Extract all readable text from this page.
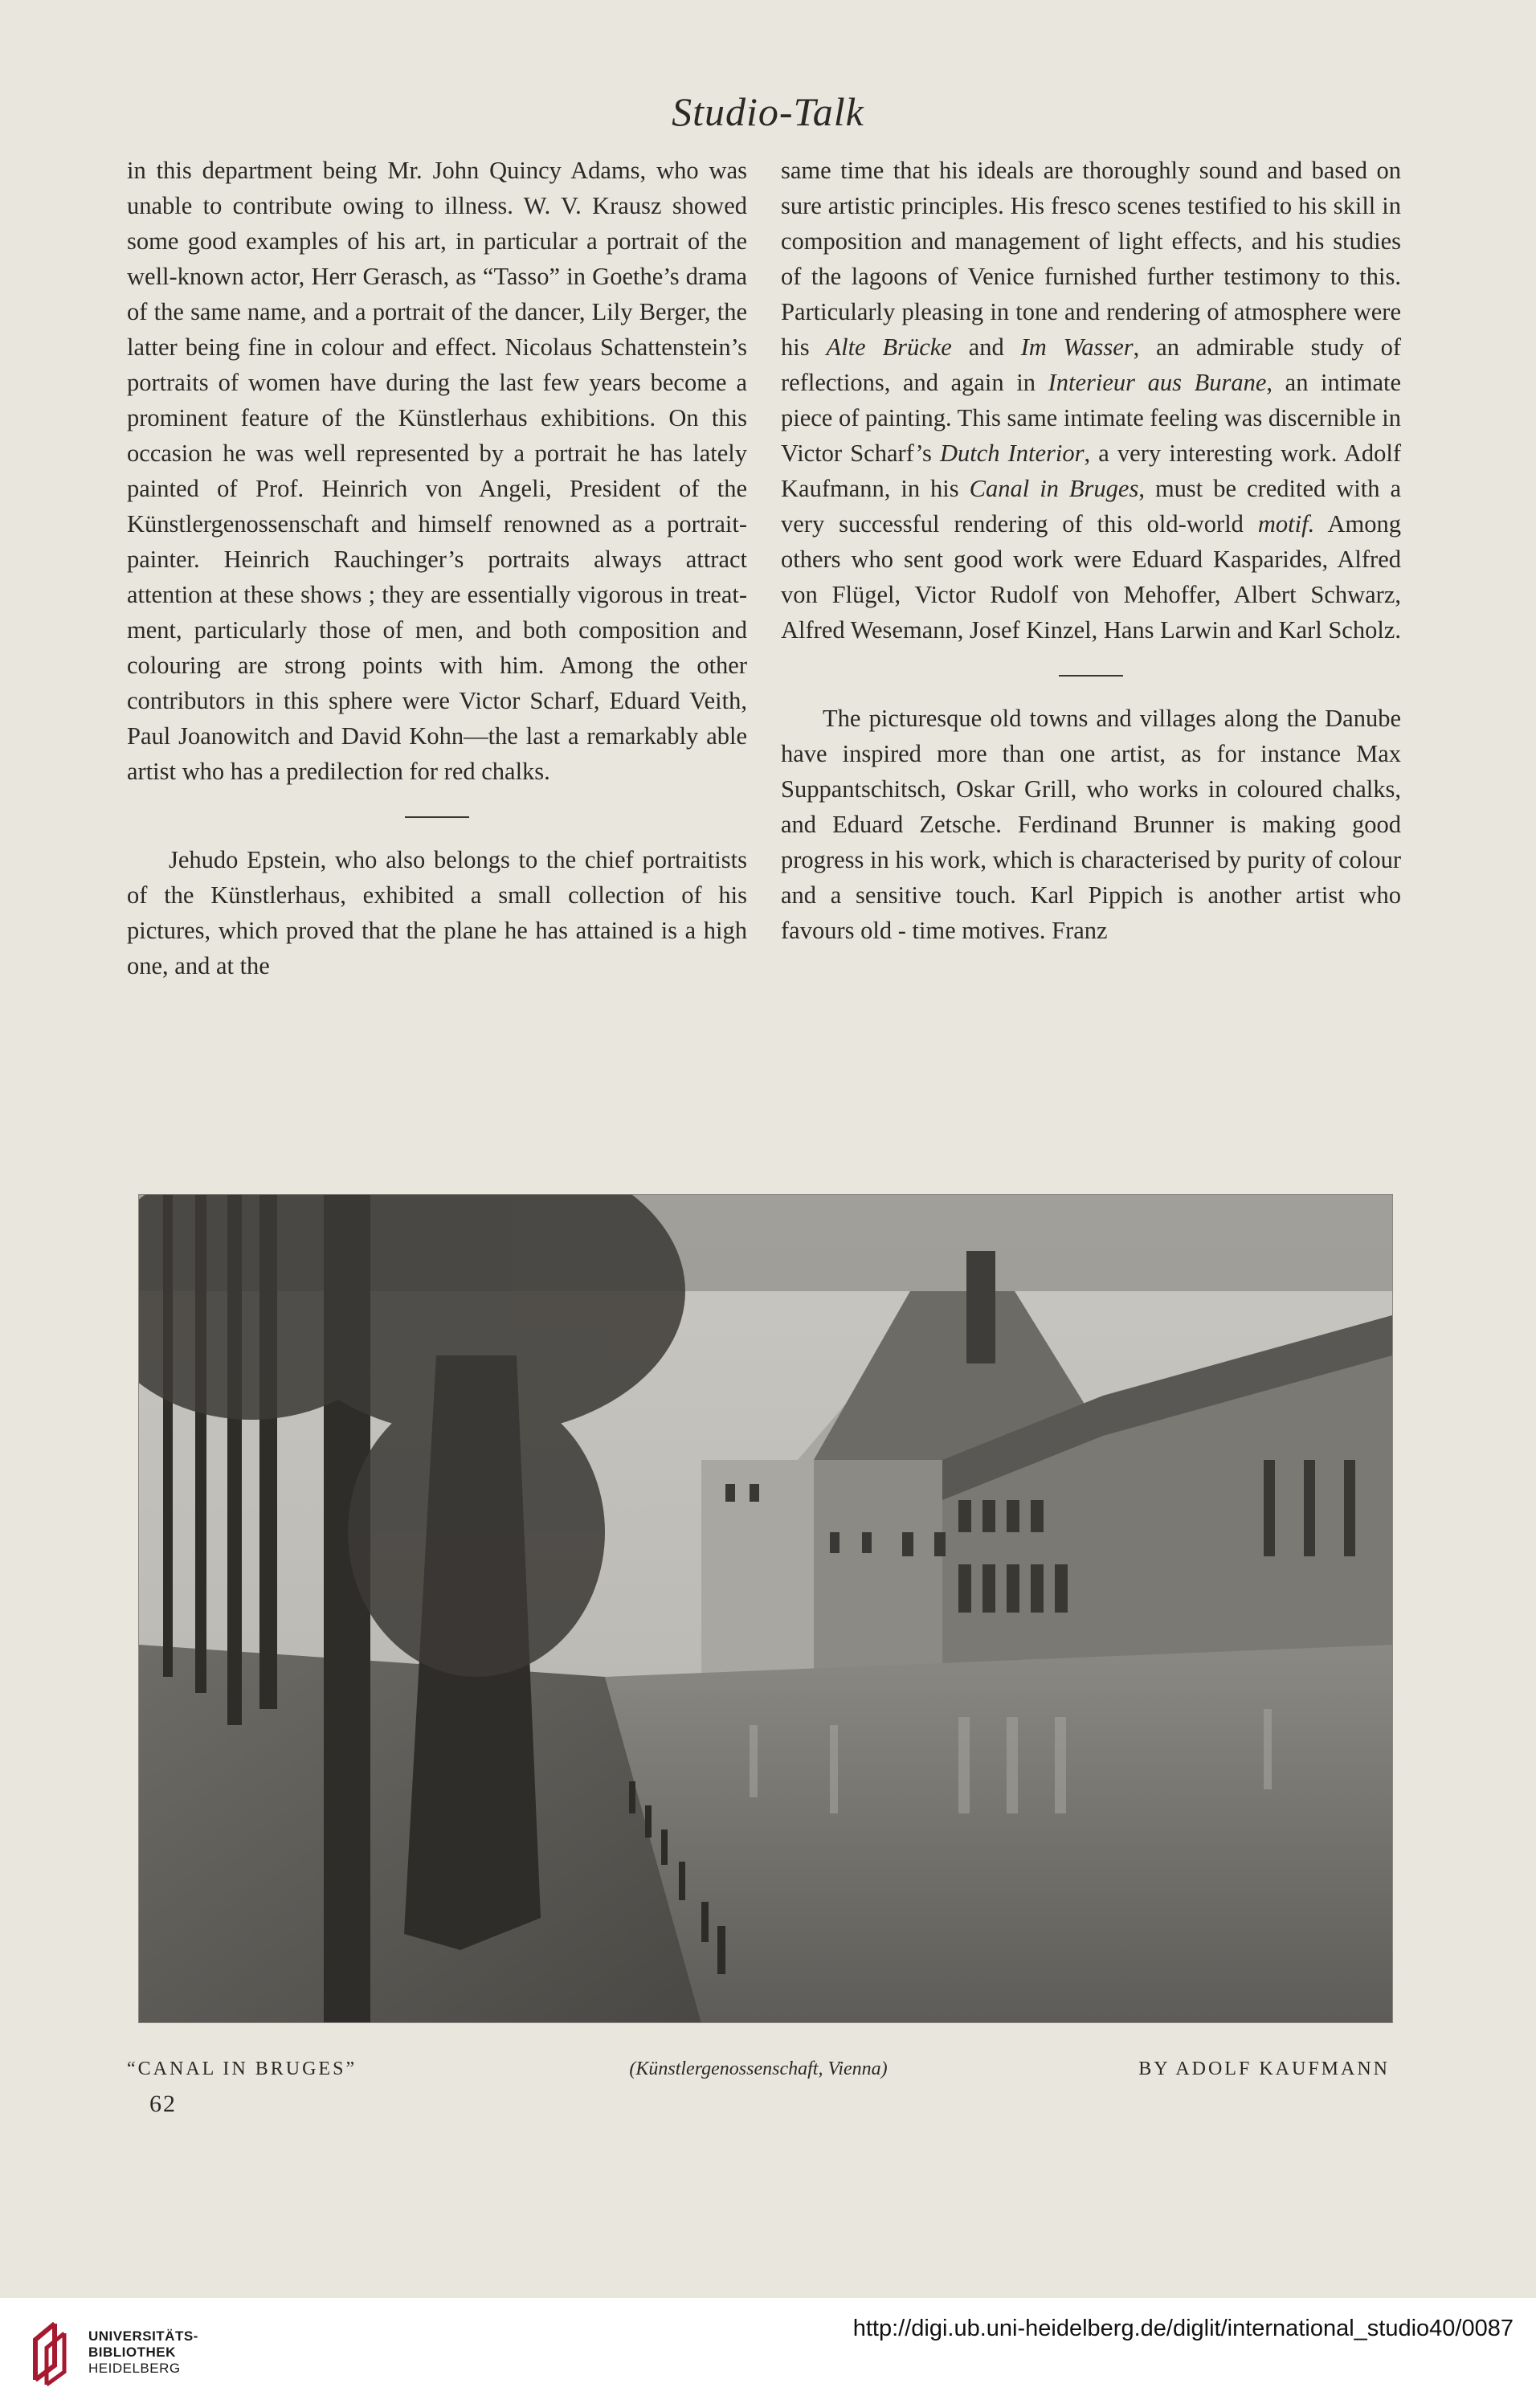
Studio-Talk

in this department being Mr. John Quincy Adams, who was unable to contribute owing to illness. W. V. Krausz showed some good examples of his art, in particular a portrait of the well-known actor, Herr Gerasch, as “Tasso” in Goethe’s drama of the same name, and a portrait of the dancer, Lily Berger, the latter being fine in colour and effect. Nicolaus Schattenstein’s portraits of women have during the last few years become a prominent feature of the Künstlerhaus exhibitions. On this occasion he was well represented by a portrait he has lately painted of Prof. Heinrich von Angeli, President of the Künstlergenossenschaft and himself renowned as a portrait-painter. Heinrich Rauchinger’s portraits always attract attention at these shows ; they are essentially vigorous in treatment, particularly those of men, and both composition and colouring are strong points with him. Among the other contributors in this sphere were Victor Scharf, Eduard Veith, Paul Joanowitch and David Kohn—the last a remarkably able artist who has a predilection for red chalks.

Jehudo Epstein, who also belongs to the chief portraitists of the Künstlerhaus, exhibited a small collection of his pictures, which proved that the plane he has attained is a high one, and at the

same time that his ideals are thoroughly sound and based on sure artistic principles. His fresco scenes testified to his skill in composition and management of light effects, and his studies of the lagoons of Venice furnished further testimony to this. Particularly pleasing in tone and rendering of atmosphere were his Alte Brücke and Im Wasser, an admirable study of reflections, and again in Interieur aus Burane, an intimate piece of painting. This same intimate feeling was discernible in Victor Scharf’s Dutch Interior, a very interesting work. Adolf Kaufmann, in his Canal in Bruges, must be credited with a very successful rendering of this old-world motif. Among others who sent good work were Eduard Kasparides, Alfred von Flügel, Victor Rudolf von Mehoffer, Albert Schwarz, Alfred Wesemann, Josef Kinzel, Hans Larwin and Karl Scholz.

The picturesque old towns and villages along the Danube have inspired more than one artist, as for instance Max Suppantschitsch, Oskar Grill, who works in coloured chalks, and Eduard Zetsche. Ferdinand Brunner is making good progress in his work, which is characterised by purity of colour and a sensitive touch. Karl Pippich is another artist who favours old - time motives. Franz

“CANAL IN BRUGES”	(Künstlergenossenschaft, Vienna)	BY ADOLF KAUFMANN
62
UNIVERSITÄTS-
BIBLIOTHEK
HEIDELBERG
http://digi.ub.uni-heidelberg.de/diglit/international_studio40/0087
